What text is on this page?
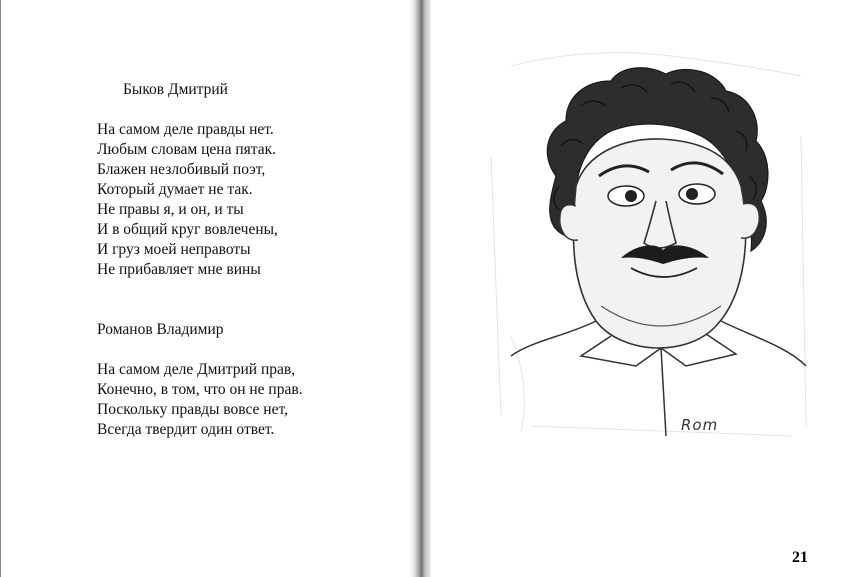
Быков Дмитрий

На самом деле правды нет.
Любым словам цена пятак.
Блажен незлобивый поэт,
Который думает не так.
Не правы я, и он, и ты
И в общий круг вовлечены,
И груз моей неправоты
Не прибавляет мне вины

Романов Владимир

На самом деле Дмитрий прав,
Конечно, в том, что он не прав.
Поскольку правды вовсе нет,
Всегда твердит один ответ.	Rom
21
